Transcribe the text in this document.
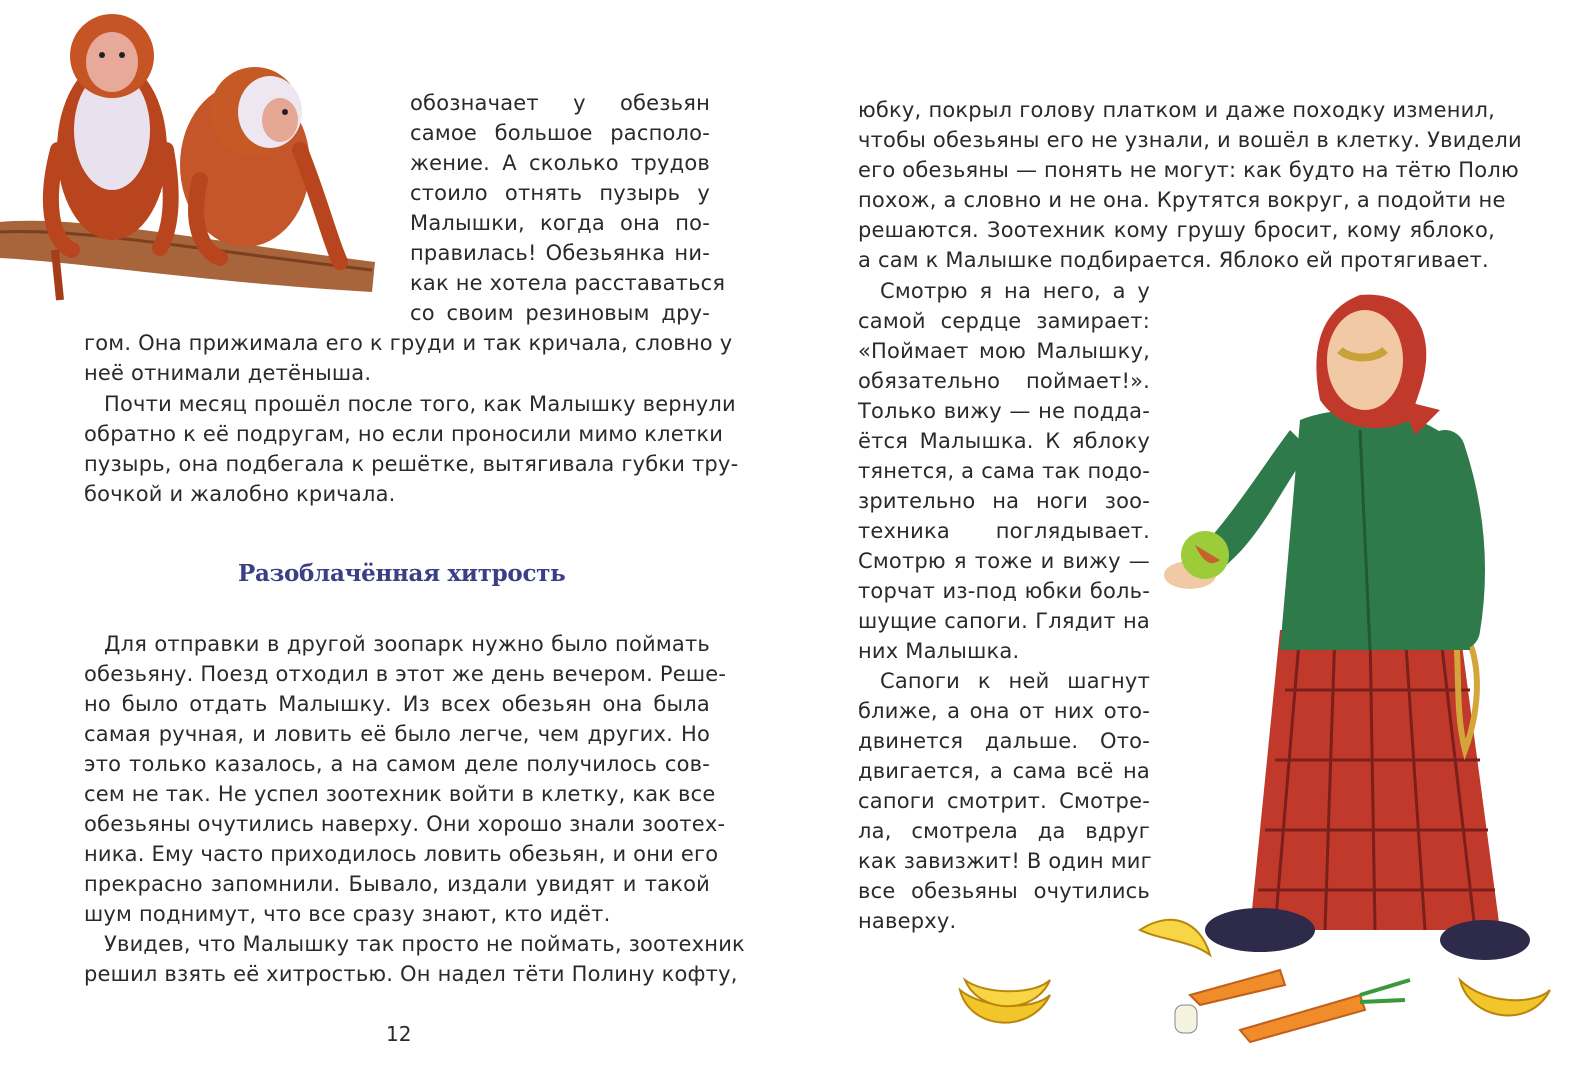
обозначает у обезьян
самое большое располо-
жение. А сколько трудов
стоило отнять пузырь у
Малышки, когда она по-
правилась! Обезьянка ни-
как не хотела расставаться
со своим резиновым дру-
гом. Она прижимала его к груди и так кричала, словно у
неё отнимали детёныша.
Почти месяц прошёл после того, как Малышку вернули
обратно к её подругам, но если проносили мимо клетки
пузырь, она подбегала к решётке, вытягивала губки тру-
бочкой и жалобно кричала.
Разоблачённая хитрость
Для отправки в другой зоопарк нужно было поймать
обезьяну. Поезд отходил в этот же день вечером. Реше-
но было отдать Малышку. Из всех обезьян она была
самая ручная, и ловить её было легче, чем других. Но
это только казалось, а на самом деле получилось сов-
сем не так. Не успел зоотехник войти в клетку, как все
обезьяны очутились наверху. Они хорошо знали зоотех-
ника. Ему часто приходилось ловить обезьян, и они его
прекрасно запомнили. Бывало, издали увидят и такой
шум поднимут, что все сразу знают, кто идёт.
Увидев, что Малышку так просто не поймать, зоотехник
решил взять её хитростью. Он надел тёти Полину кофту,
12
юбку, покрыл голову платком и даже походку изменил,
чтобы обезьяны его не узнали, и вошёл в клетку. Увидели
его обезьяны — понять не могут: как будто на тётю Полю
похож, а словно и не она. Крутятся вокруг, а подойти не
решаются. Зоотехник кому грушу бросит, кому яблоко,
а сам к Малышке подбирается. Яблоко ей протягивает.
Смотрю я на него, а у
самой сердце замирает:
«Поймает мою Малышку,
обязательно поймает!».
Только вижу — не подда-
ётся Малышка. К яблоку
тянется, а сама так подо-
зрительно на ноги зоо-
техника поглядывает.
Смотрю я тоже и вижу —
торчат из-под юбки боль-
шущие сапоги. Глядит на
них Малышка.
Сапоги к ней шагнут
ближе, а она от них ото-
двинется дальше. Ото-
двигается, а сама всё на
сапоги смотрит. Смотре-
ла, смотрела да вдруг
как завизжит! В один миг
все обезьяны очутились
наверху.
